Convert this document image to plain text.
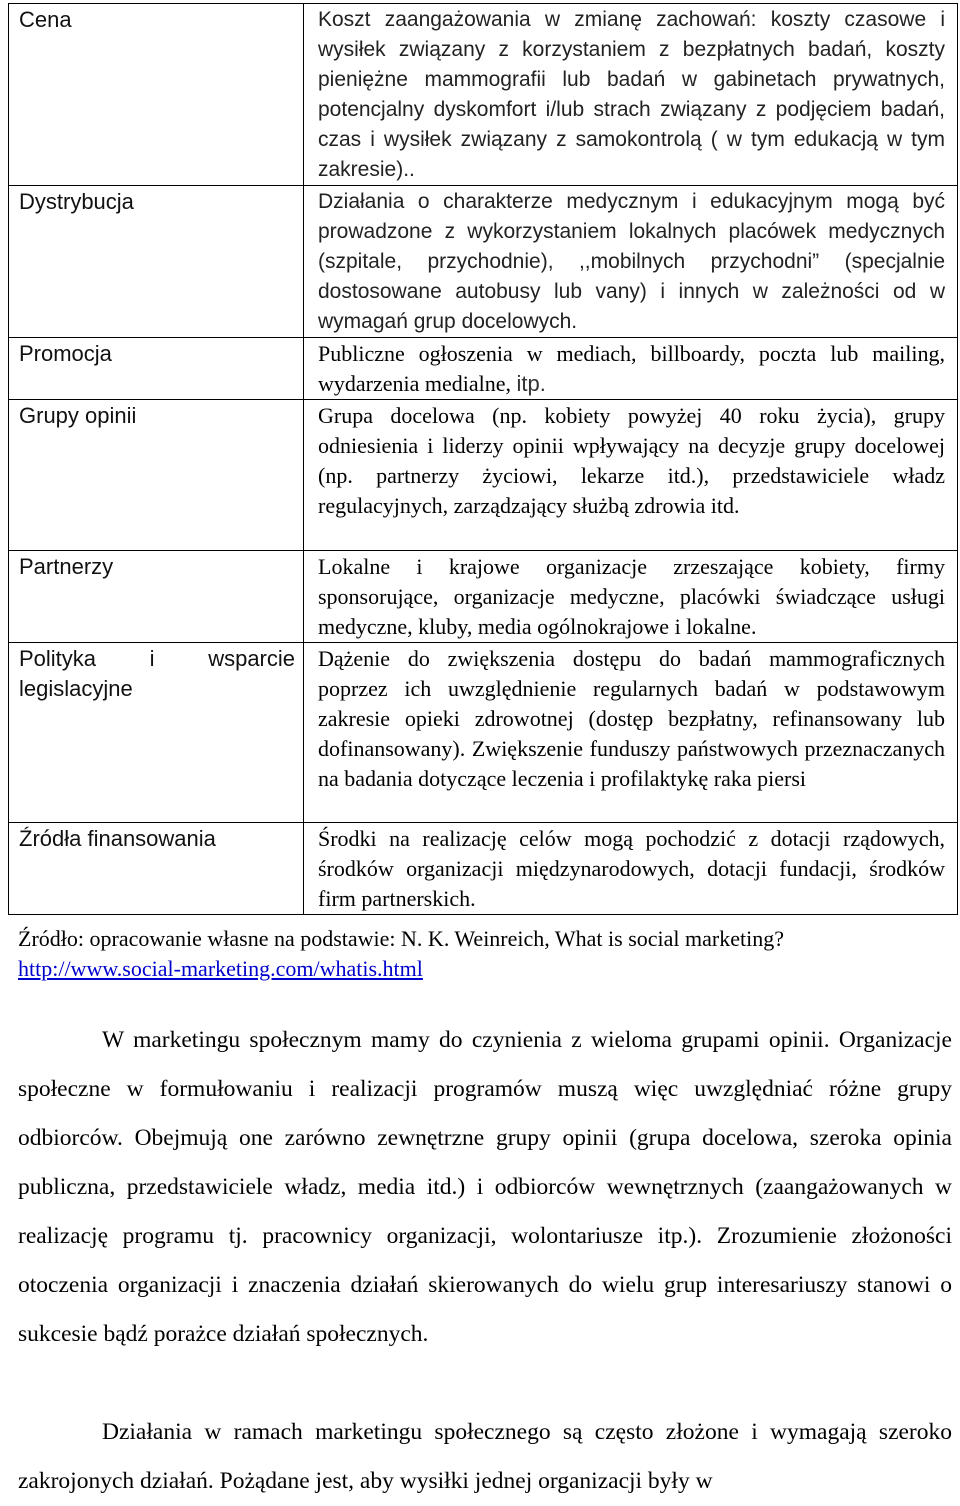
Cena	Koszt zaangażowania w zmianę zachowań: koszty czasowe i wysiłek związany z korzystaniem z bezpłatnych badań, koszty pieniężne mammografii lub badań w gabinetach prywatnych, potencjalny dyskomfort i/lub strach związany z podjęciem badań, czas i wysiłek związany z samokontrolą ( w tym edukacją w tym zakresie)..
Dystrybucja	Działania o charakterze medycznym i edukacyjnym mogą być prowadzone z wykorzystaniem lokalnych placówek medycznych (szpitale, przychodnie), ,,mobilnych przychodni” (specjalnie dostosowane autobusy lub vany) i innych w zależności od w wymagań grup docelowych.
Promocja	Publiczne ogłoszenia w mediach, billboardy, poczta lub mailing, wydarzenia medialne, itp.
Grupy opinii	Grupa docelowa (np. kobiety powyżej 40 roku życia), grupy odniesienia i liderzy opinii wpływający na decyzje grupy docelowej (np. partnerzy życiowi, lekarze itd.), przedstawiciele władz regulacyjnych, zarządzający służbą zdrowia itd.
Partnerzy	Lokalne i krajowe organizacje zrzeszające kobiety, firmy sponsorujące, organizacje medyczne, placówki świadczące usługi medyczne, kluby, media ogólnokrajowe i lokalne.
Polityka i wsparcie legislacyjne	Dążenie do zwiększenia dostępu do badań mammograficznych poprzez ich uwzględnienie regularnych badań w podstawowym zakresie opieki zdrowotnej (dostęp bezpłatny, refinansowany lub dofinansowany). Zwiększenie funduszy państwowych przeznaczanych na badania dotyczące leczenia i profilaktykę raka piersi
Źródła finansowania	Środki na realizację celów mogą pochodzić z dotacji rządowych, środków organizacji międzynarodowych, dotacji fundacji, środków firm partnerskich.
Źródło: opracowanie własne na podstawie: N. K. Weinreich, What is social marketing?
http://www.social-marketing.com/whatis.html

W marketingu społecznym mamy do czynienia z wieloma grupami opinii. Organizacje społeczne w formułowaniu i realizacji programów muszą więc uwzględniać różne grupy odbiorców. Obejmują one zarówno zewnętrzne grupy opinii (grupa docelowa, szeroka opinia publiczna, przedstawiciele władz, media itd.) i odbiorców wewnętrznych (zaangażowanych w realizację programu tj. pracownicy organizacji, wolontariusze itp.). Zrozumienie złożoności otoczenia organizacji i znaczenia działań skierowanych do wielu grup interesariuszy stanowi o sukcesie bądź porażce działań społecznych.

Działania w ramach marketingu społecznego są często złożone i wymagają szeroko zakrojonych działań. Pożądane jest, aby wysiłki jednej organizacji były w
